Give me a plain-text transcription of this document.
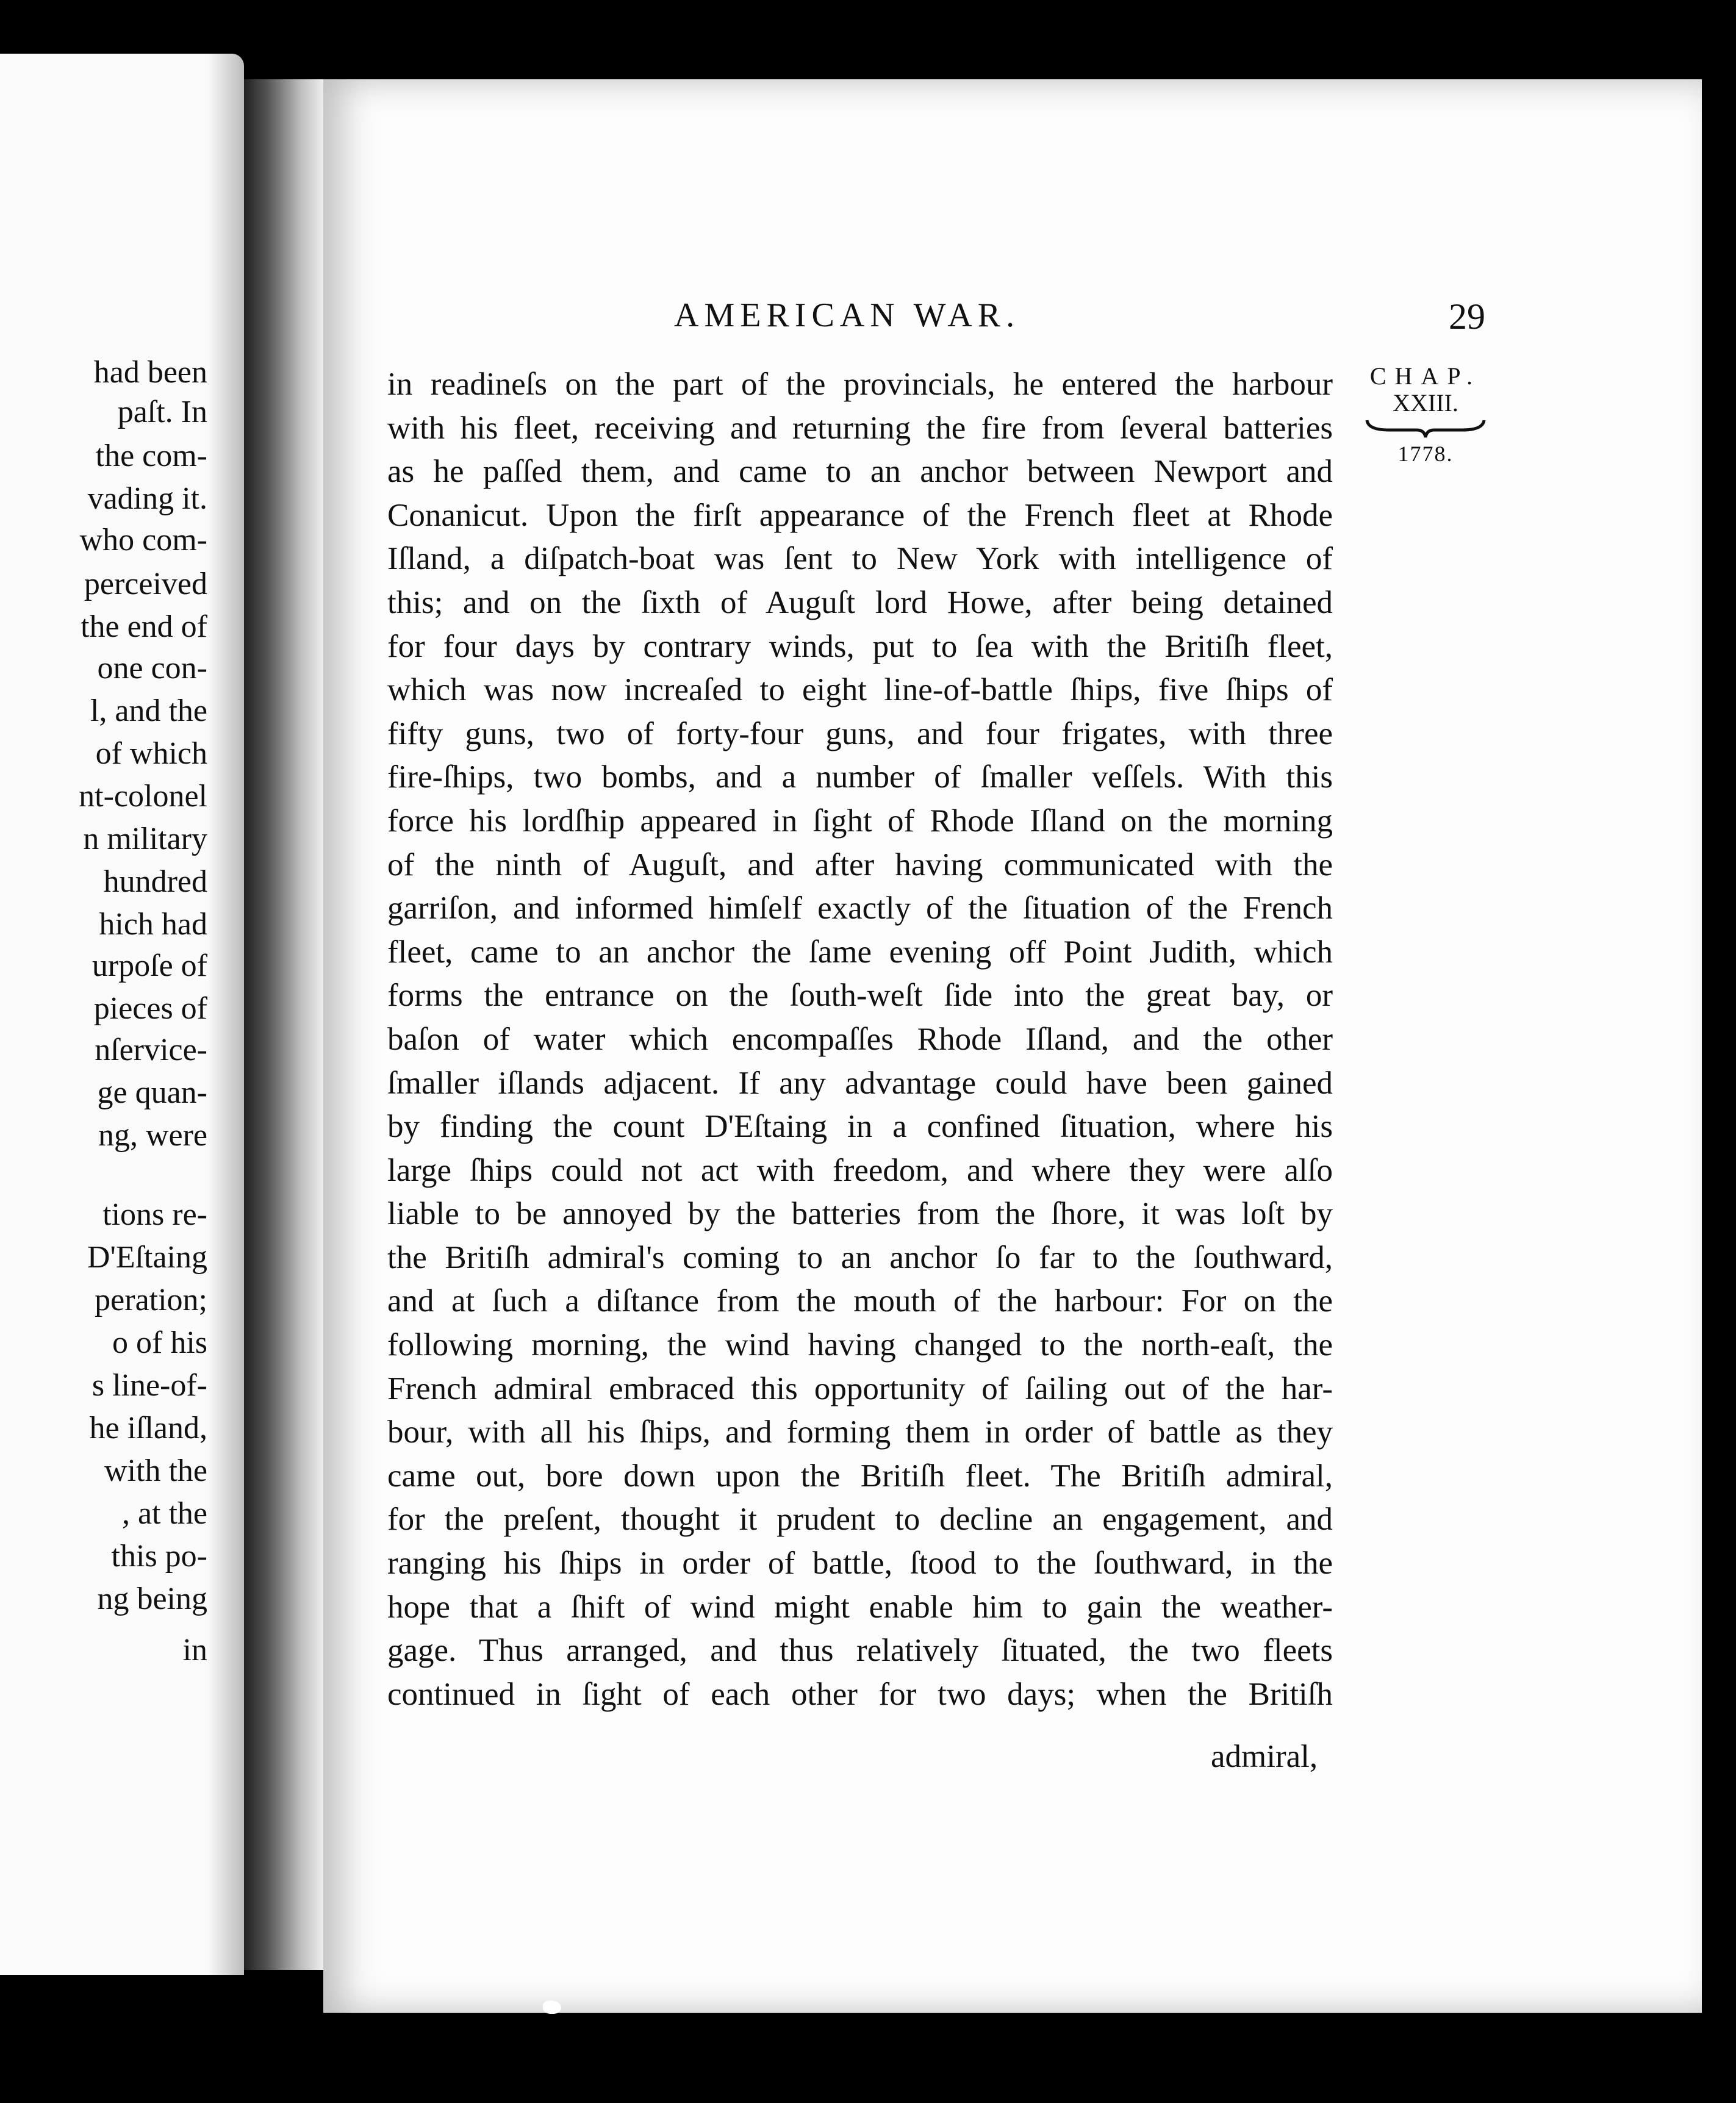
had been
paſt. In
the com-
vading it.
who com-
perceived
the end of
one con-
l, and the
of which
nt-colonel
n military
hundred
hich had
urpoſe of
pieces of
nſervice-
ge quan-
ng, were
tions re-
D'Eſtaing
peration;
o of his
s line-of-
he iſland,
with the
, at the
this po-
ng being
in
AMERICAN WAR.	29
CHAP.
XXIII.
1778.
in readineſs on the part of the provincials, he entered the harbour
with his fleet, receiving and returning the fire from ſeveral batteries
as he paſſed them, and came to an anchor between Newport and
Conanicut. Upon the firſt appearance of the French fleet at Rhode
Iſland, a diſpatch-boat was ſent to New York with intelligence of
this; and on the ſixth of Auguſt lord Howe, after being detained
for four days by contrary winds, put to ſea with the Britiſh fleet,
which was now increaſed to eight line-of-battle ſhips, five ſhips of
fifty guns, two of forty-four guns, and four frigates, with three
fire-ſhips, two bombs, and a number of ſmaller veſſels. With this
force his lordſhip appeared in ſight of Rhode Iſland on the morning
of the ninth of Auguſt, and after having communicated with the
garriſon, and informed himſelf exactly of the ſituation of the French
fleet, came to an anchor the ſame evening off Point Judith, which
forms the entrance on the ſouth-weſt ſide into the great bay, or
baſon of water which encompaſſes Rhode Iſland, and the other
ſmaller iſlands adjacent. If any advantage could have been gained
by finding the count D'Eſtaing in a confined ſituation, where his
large ſhips could not act with freedom, and where they were alſo
liable to be annoyed by the batteries from the ſhore, it was loſt by
the Britiſh admiral's coming to an anchor ſo far to the ſouthward,
and at ſuch a diſtance from the mouth of the harbour: For on the
following morning, the wind having changed to the north-eaſt, the
French admiral embraced this opportunity of ſailing out of the har-
bour, with all his ſhips, and forming them in order of battle as they
came out, bore down upon the Britiſh fleet. The Britiſh admiral,
for the preſent, thought it prudent to decline an engagement, and
ranging his ſhips in order of battle, ſtood to the ſouthward, in the
hope that a ſhift of wind might enable him to gain the weather-
gage. Thus arranged, and thus relatively ſituated, the two fleets
continued in ſight of each other for two days; when the Britiſh
admiral,
